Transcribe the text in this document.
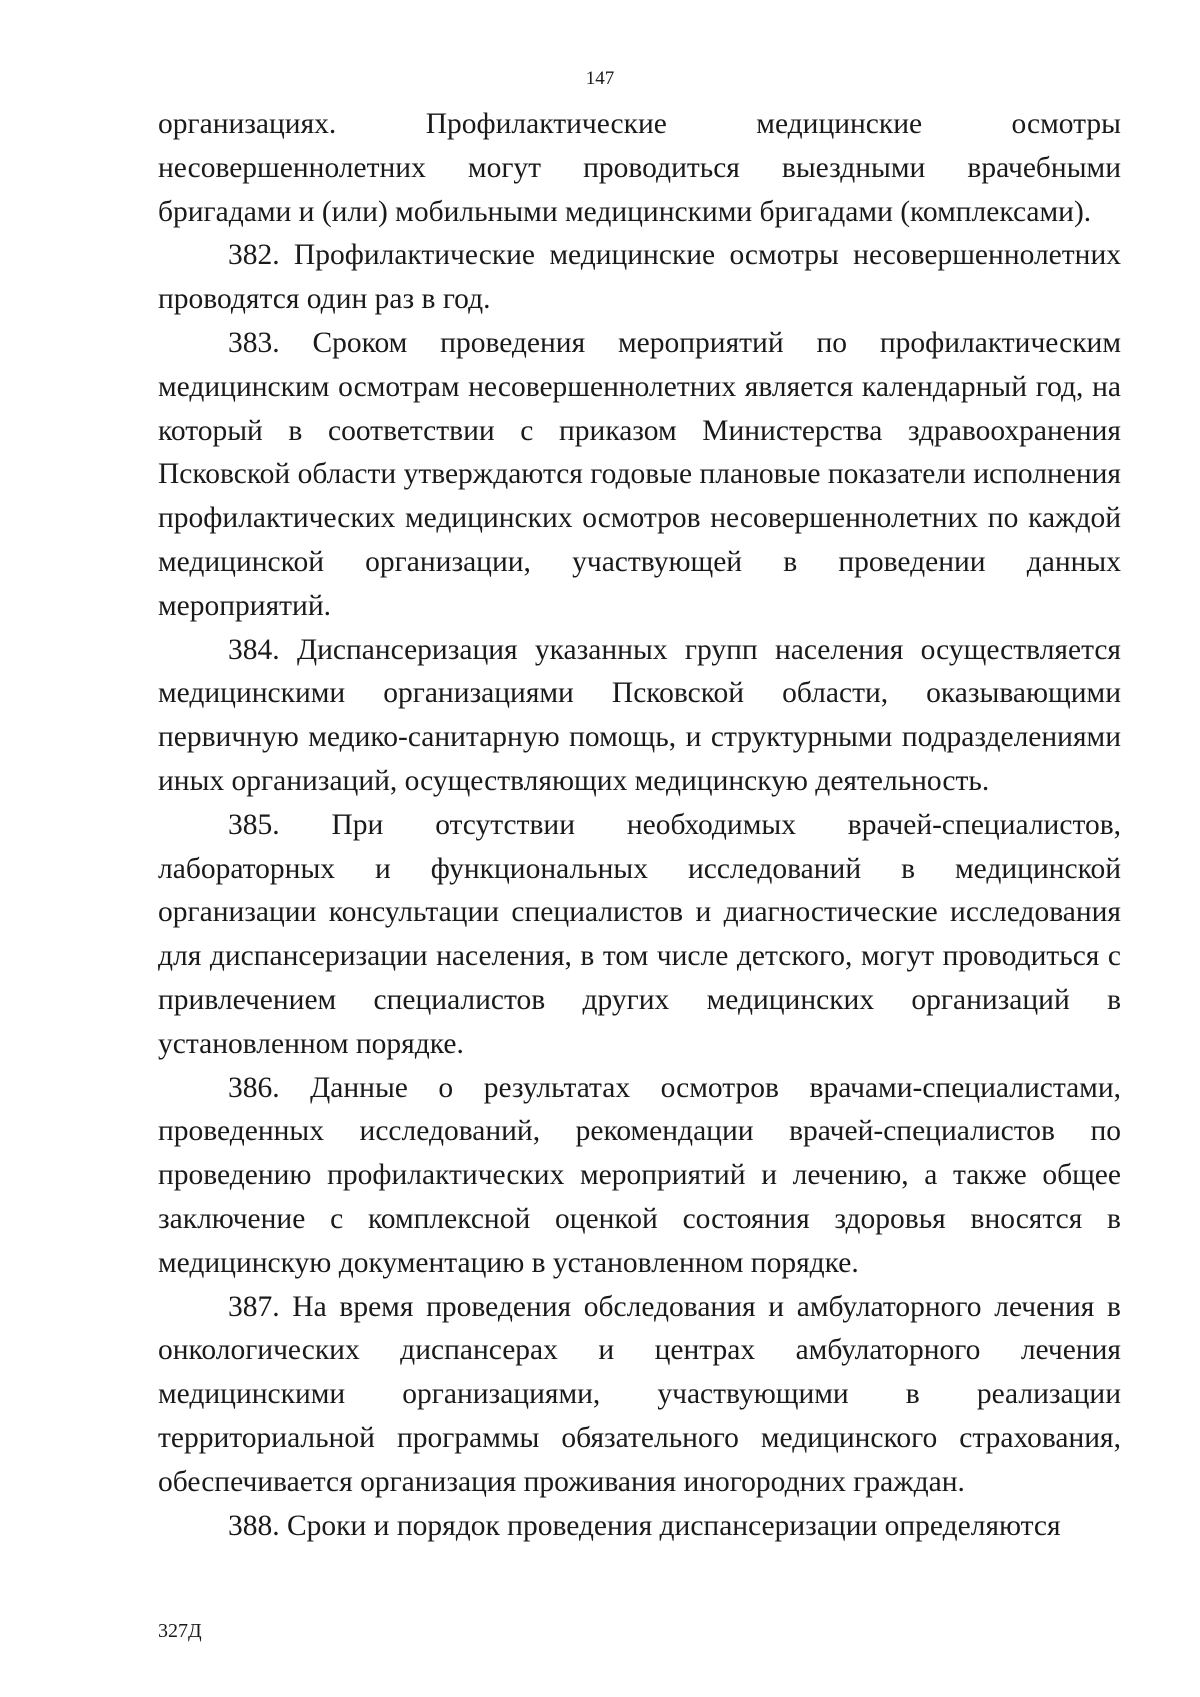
147

организациях. Профилактические медицинские осмотры несовершеннолетних могут проводиться выездными врачебными бригадами и (или) мобильными медицинскими бригадами (комплексами).

382. Профилактические медицинские осмотры несовершеннолетних проводятся один раз в год.

383. Сроком проведения мероприятий по профилактическим медицинским осмотрам несовершеннолетних является календарный год, на который в соответствии с приказом Министерства здравоохранения Псковской области утверждаются годовые плановые показатели исполнения профилактических медицинских осмотров несовершеннолетних по каждой медицинской организации, участвующей в проведении данных мероприятий.

384. Диспансеризация указанных групп населения осуществляется медицинскими организациями Псковской области, оказывающими первичную медико-санитарную помощь, и структурными подразделениями иных организаций, осуществляющих медицинскую деятельность.

385. При отсутствии необходимых врачей-специалистов, лабораторных и функциональных исследований в медицинской организации консультации специалистов и диагностические исследования для диспансеризации населения, в том числе детского, могут проводиться с привлечением специалистов других медицинских организаций в установленном порядке.

386. Данные о результатах осмотров врачами-специалистами, проведенных исследований, рекомендации врачей-специалистов по проведению профилактических мероприятий и лечению, а также общее заключение с комплексной оценкой состояния здоровья вносятся в медицинскую документацию в установленном порядке.

387. На время проведения обследования и амбулаторного лечения в онкологических диспансерах и центрах амбулаторного лечения медицинскими организациями, участвующими в реализации территориальной программы обязательного медицинского страхования, обеспечивается организация проживания иногородних граждан.

388. Сроки и порядок проведения диспансеризации определяются

327Д
